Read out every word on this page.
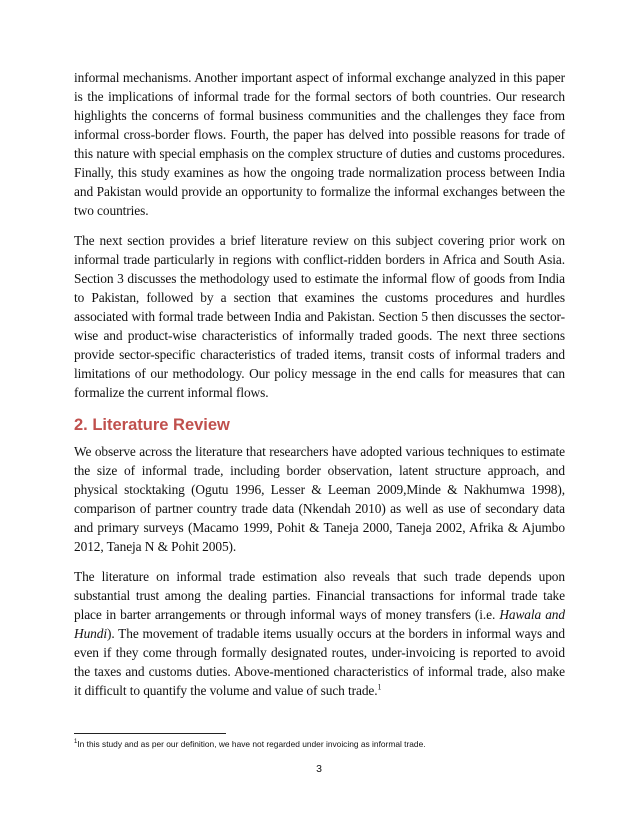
informal mechanisms. Another important aspect of informal exchange analyzed in this paper is the implications of informal trade for the formal sectors of both countries. Our research highlights the concerns of formal business communities and the challenges they face from informal cross-border flows. Fourth, the paper has delved into possible reasons for trade of this nature with special emphasis on the complex structure of duties and customs procedures. Finally, this study examines as how the ongoing trade normalization process between India and Pakistan would provide an opportunity to formalize the informal exchanges between the two countries.

The next section provides a brief literature review on this subject covering prior work on informal trade particularly in regions with conflict-ridden borders in Africa and South Asia. Section 3 discusses the methodology used to estimate the informal flow of goods from India to Pakistan, followed by a section that examines the customs procedures and hurdles associated with formal trade between India and Pakistan. Section 5 then discusses the sector-wise and product-wise characteristics of informally traded goods. The next three sections provide sector-specific characteristics of traded items, transit costs of informal traders and limitations of our methodology. Our policy message in the end calls for measures that can formalize the current informal flows.

2. Literature Review

We observe across the literature that researchers have adopted various techniques to estimate the size of informal trade, including border observation, latent structure approach, and physical stocktaking (Ogutu 1996, Lesser & Leeman 2009,Minde & Nakhumwa 1998), comparison of partner country trade data (Nkendah 2010) as well as use of secondary data and primary surveys (Macamo 1999, Pohit & Taneja 2000, Taneja 2002, Afrika & Ajumbo 2012, Taneja N & Pohit 2005).

The literature on informal trade estimation also reveals that such trade depends upon substantial trust among the dealing parties. Financial transactions for informal trade take place in barter arrangements or through informal ways of money transfers (i.e. Hawala and Hundi). The movement of tradable items usually occurs at the borders in informal ways and even if they come through formally designated routes, under-invoicing is reported to avoid the taxes and customs duties. Above-mentioned characteristics of informal trade, also make it difficult to quantify the volume and value of such trade.$^1$

$^1$In this study and as per our definition, we have not regarded under invoicing as informal trade.
3
